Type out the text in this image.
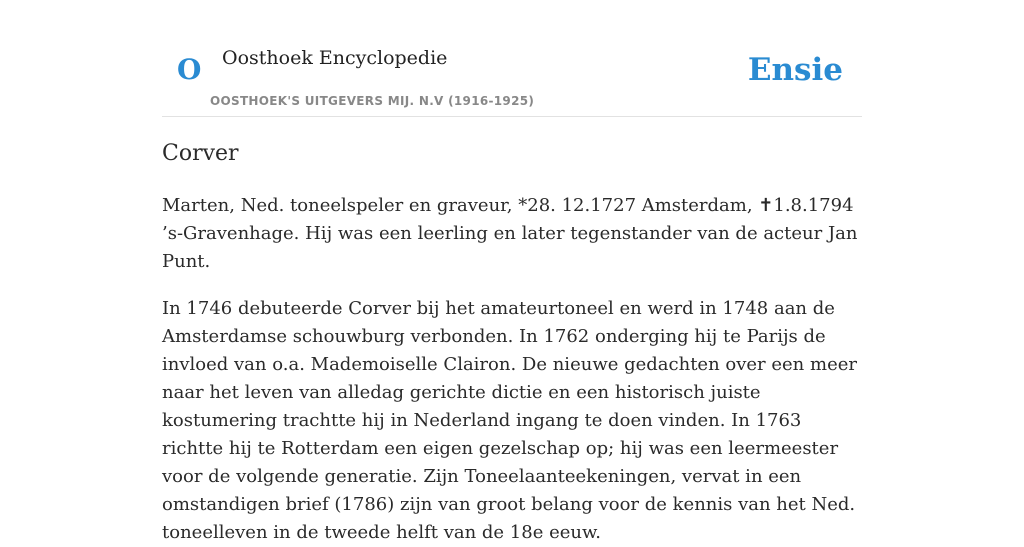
O Oosthoek Encyclopedie
OOSTHOEK'S UITGEVERS MIJ. N.V (1916-1925)
Ensie
Corver

Marten, Ned. toneelspeler en graveur, *28. 12.1727 Amsterdam, ✝1.8.1794 ’s-Gravenhage. Hij was een leerling en later tegenstander van de acteur Jan Punt.

In 1746 debuteerde Corver bij het amateurtoneel en werd in 1748 aan de Amsterdamse schouwburg verbonden. In 1762 onderging hij te Parijs de invloed van o.a. Mademoiselle Clairon. De nieuwe gedachten over een meer naar het leven van alledag gerichte dictie en een historisch juiste kostumering trachtte hij in Nederland ingang te doen vinden. In 1763 richtte hij te Rotterdam een eigen gezelschap op; hij was een leermeester voor de volgende generatie. Zijn Toneelaanteekeningen, vervat in een omstandigen brief (1786) zijn van groot belang voor de kennis van het Ned. toneelleven in de tweede helft van de 18e eeuw.
